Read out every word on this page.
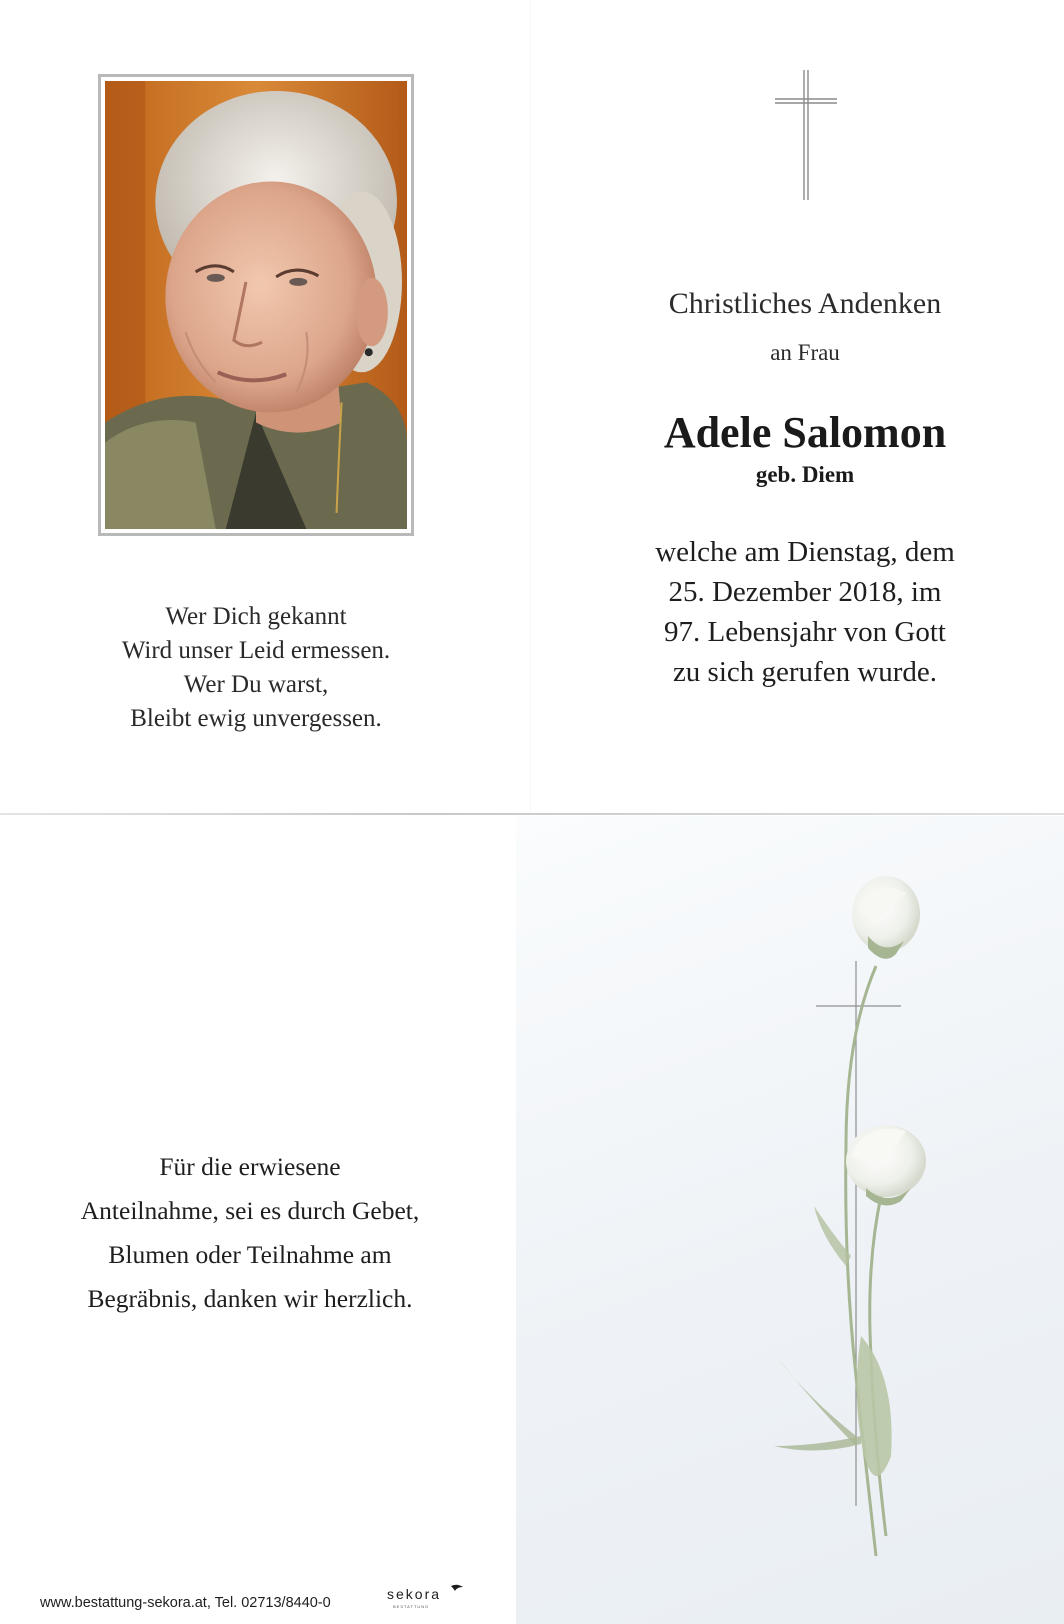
Wer Dich gekannt
Wird unser Leid ermessen.
Wer Du warst,
Bleibt ewig unvergessen.
Christliches Andenken
an Frau
Adele Salomon
geb. Diem
welche am Dienstag, dem
25. Dezember 2018, im
97. Lebensjahr von Gott
zu sich gerufen wurde.
Für die erwiesene
Anteilnahme, sei es durch Gebet,
Blumen oder Teilnahme am
Begräbnis, danken wir herzlich.
www.bestattung-sekora.at, Tel. 02713/8440-0
sekora
BESTATTUNG
